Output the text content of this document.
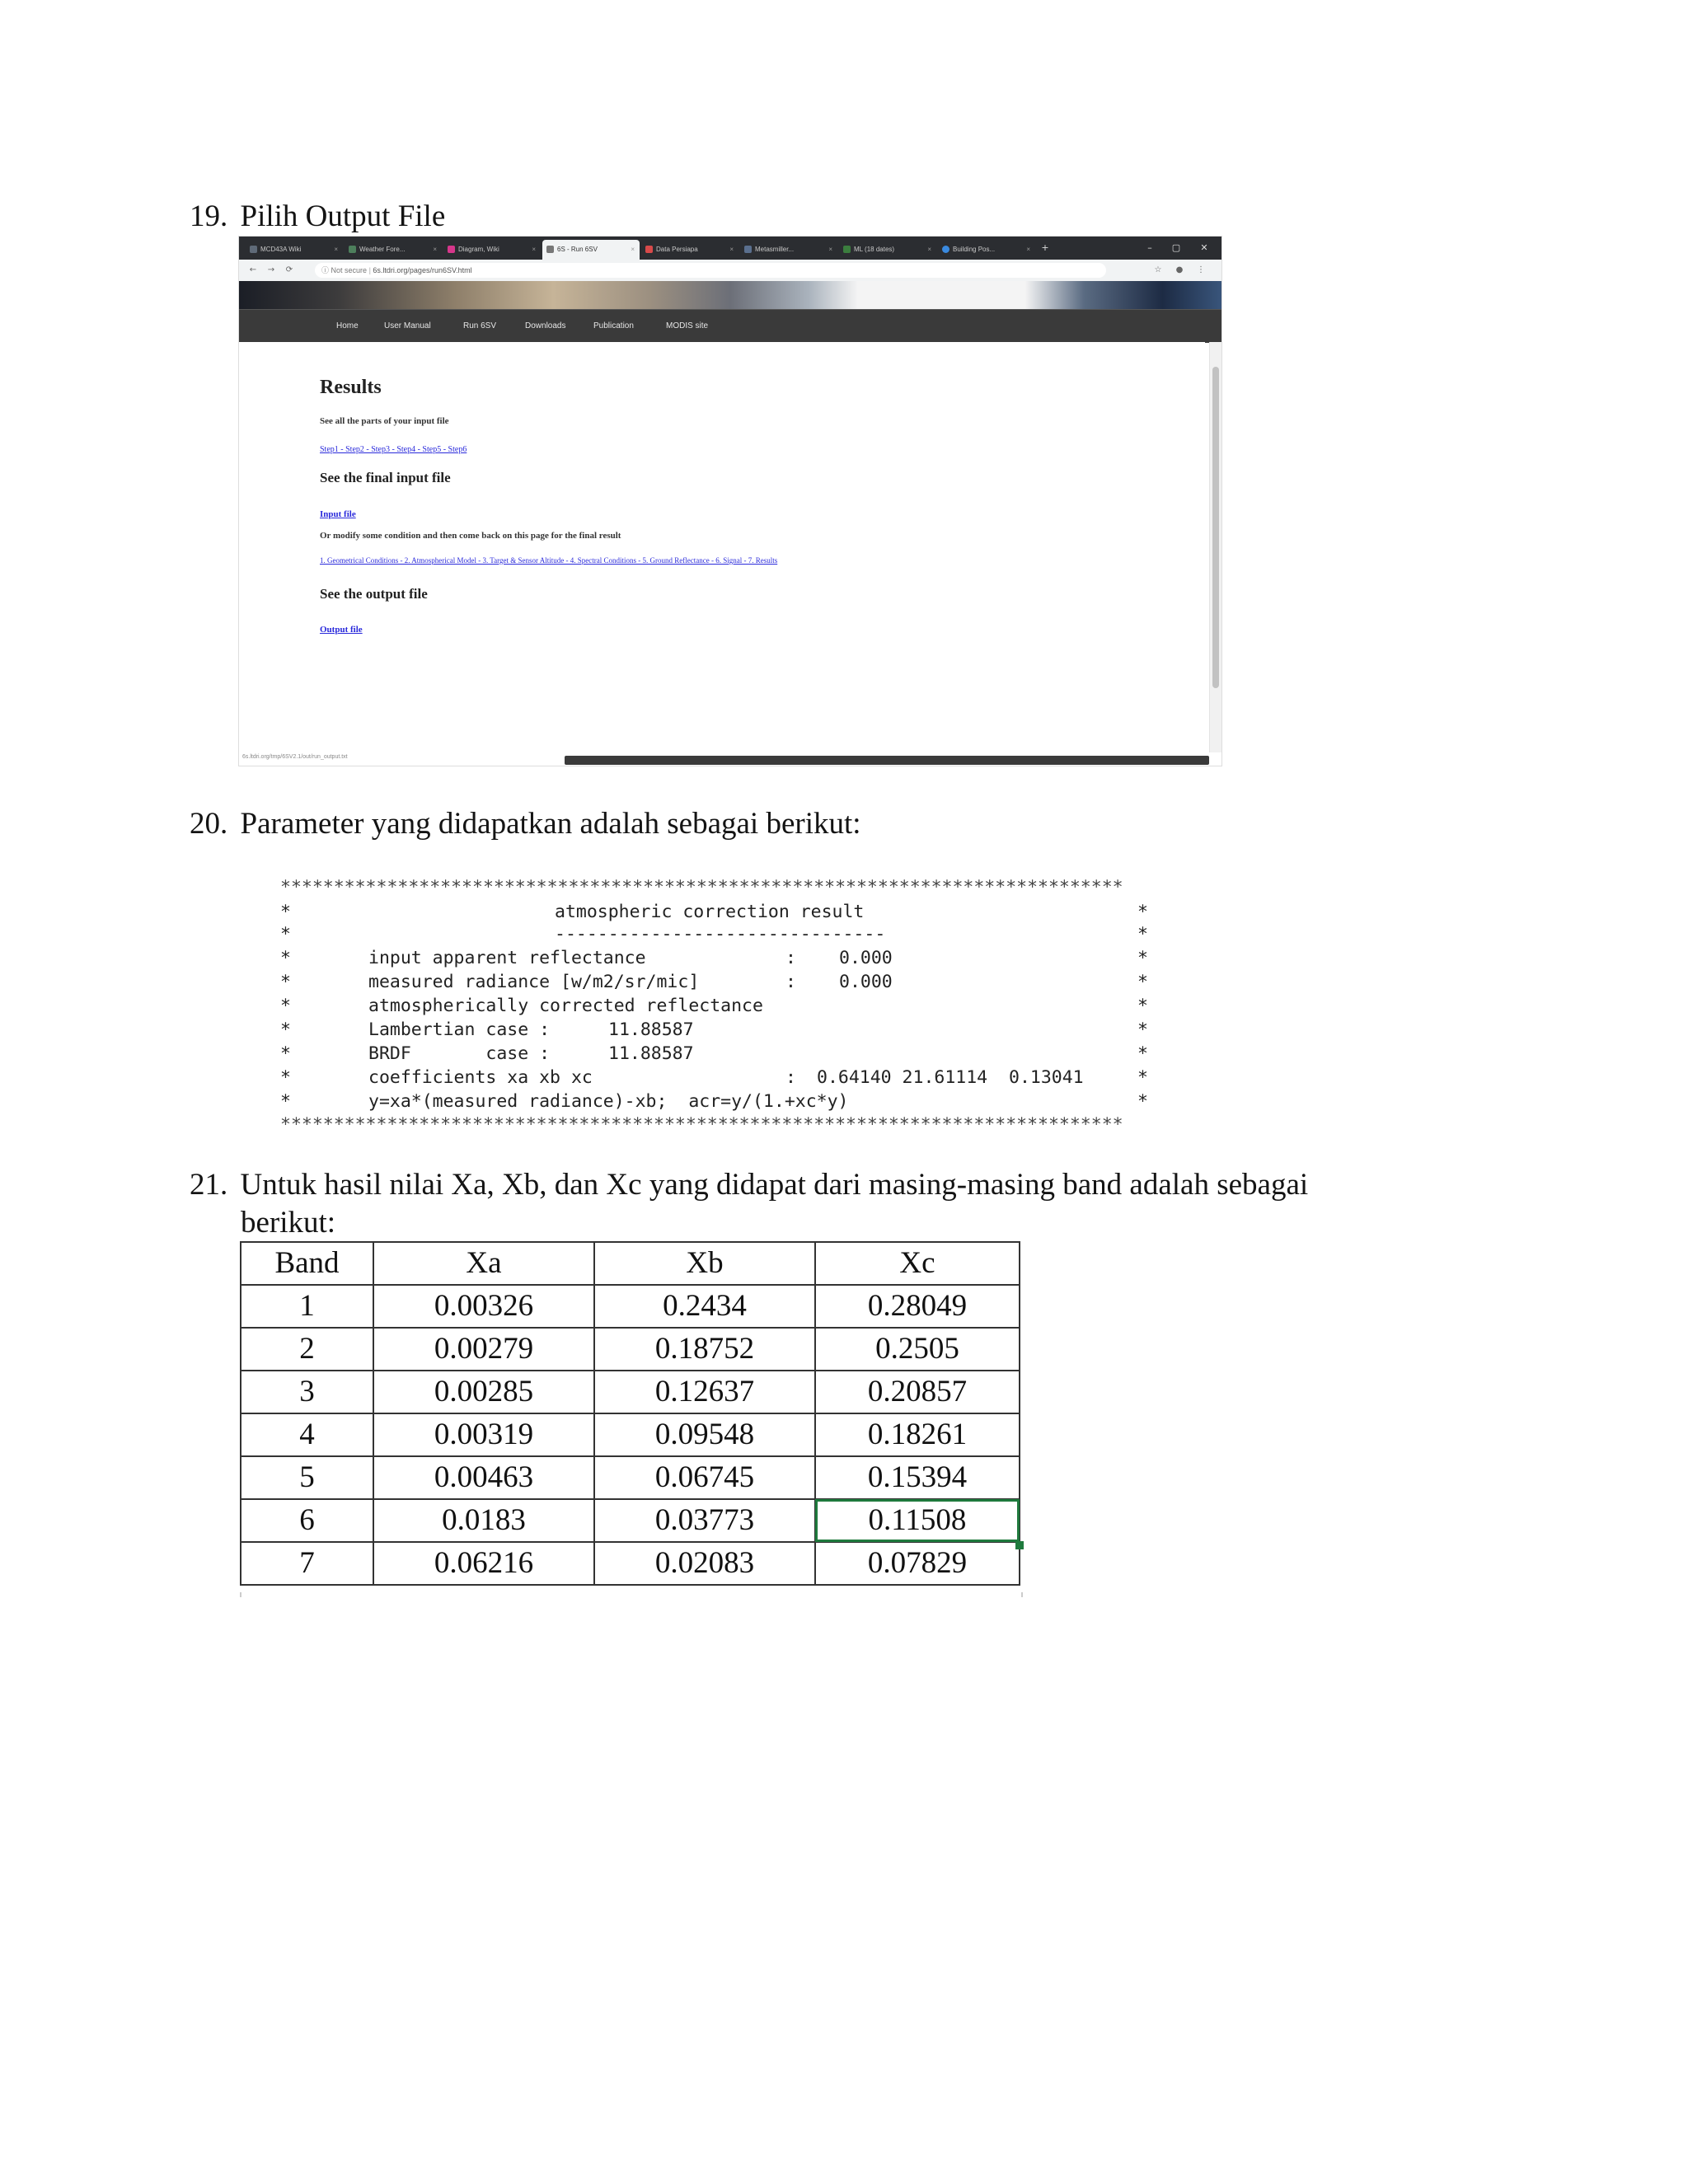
19. Pilih Output File
MCD43A Wiki	×	Weather Fore...	×	Diagram, Wiki	×	6S - Run 6SV	×	Data Persiapa	×	Metasmiller...	×	ML (18 dates)	×	Building Pos...	×	+	–	▢	✕
← → ⟳	ⓘ Not secure | 6s.ltdri.org/pages/run6SV.html	☆ ● ⋮
Home	User Manual	Run 6SV	Downloads	Publication	MODIS site
Results
See all the parts of your input file
Step1 - Step2 - Step3 - Step4 - Step5 - Step6
See the final input file
Input file
Or modify some condition and then come back on this page for the final result
1. Geometrical Conditions - 2. Atmospherical Model - 3. Target & Sensor Altitude - 4. Spectral Conditions - 5. Ground Reflectance - 6. Signal - 7. Results
See the output file
Output file
6s.ltdri.org/tmp/6SV2.1/out/run_output.txt
20. Parameter yang didapatkan adalah sebagai berikut:
*******************************************************************************
*	*
atmospheric correction result
*	*
-------------------------------
*	*
input apparent reflectance	: 0.000
*	*
measured radiance [w/m2/sr/mic]	: 0.000
*	*
atmospherically corrected reflectance
*	*
Lambertian case :	11.88587
*	*
BRDF       case :	11.88587
*	*
coefficients xa xb xc	: 0.64140 21.61114  0.13041
*	*
y=xa*(measured radiance)-xb;  acr=y/(1.+xc*y)
*******************************************************************************
21. Untuk hasil nilai Xa, Xb, dan Xc yang didapat dari masing-masing band adalah sebagai
berikut:
Band	Xa	Xb	Xc
1	0.00326	0.2434	0.28049
2	0.00279	0.18752	0.2505
3	0.00285	0.12637	0.20857
4	0.00319	0.09548	0.18261
5	0.00463	0.06745	0.15394
6	0.0183	0.03773	0.11508
7	0.06216	0.02083	0.07829
